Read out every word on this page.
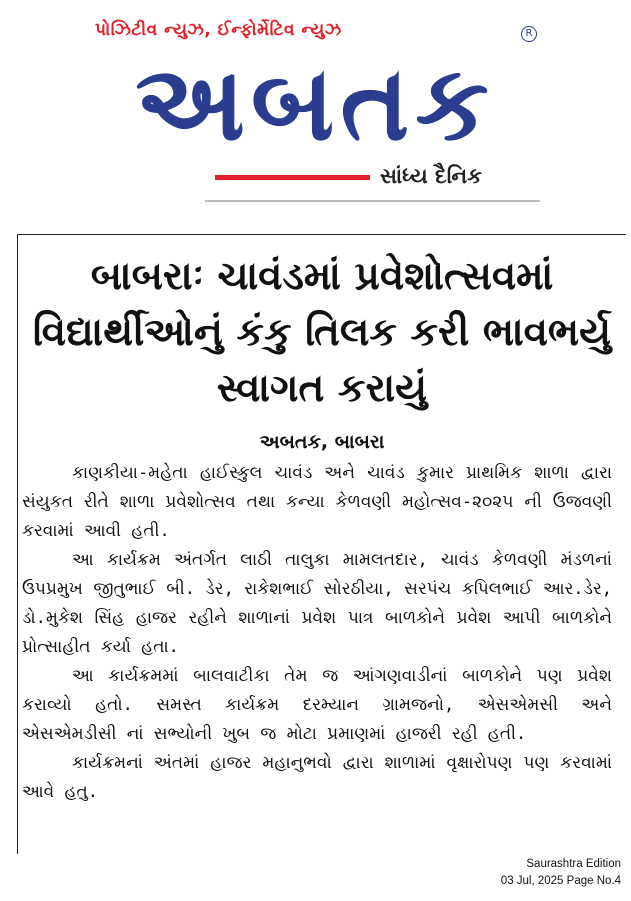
પોઝિટીવ ન્યુઝ, ઈન્ફોર્મેટિવ ન્યુઝ	R
અબતક
સાંધ્ય દૈનિક
બાબરાઃ ચાવંડમાં પ્રવેશોત્સવમાં વિદ્યાર્થીઓનું કંકુ તિલક કરી ભાવભર્યુ સ્વાગત કરાયું
અબતક, બાબરા

કાણકીયા-મહેતા હાઈસ્કુલ ચાવંડ અને ચાવંડ કુમાર પ્રાથમિક શાળા દ્વારા સંયુકત રીતે શાળા પ્રવેશોત્સવ તથા કન્યા કેળવણી મહોત્સવ-૨૦૨૫ ની ઉજવણી કરવામાં આવી હતી.

આ કાર્યક્રમ અંતર્ગત લાઠી તાલુકા મામલતદાર, ચાવંડ કેળવણી મંડળનાં ઉપપ્રમુખ જીતુભાઈ બી. ડેર, રાકેશભાઈ સોરઠીયા, સરપંચ કપિલભાઈ આર.ડેર, ડો.મુકેશ સિંહ હાજર રહીને શાળાનાં પ્રવેશ પાત્ર બાળકોને પ્રવેશ આપી બાળકોને પ્રોત્સાહીત કર્યા હતા.

આ કાર્યક્રમમાં બાલવાટીકા તેમ જ આંગણવાડીનાં બાળકોને પણ પ્રવેશ કરાવ્યો હતો. સમસ્ત કાર્યક્રમ દરમ્યાન ગ્રામજનો, એસએમસી અને એસએમડીસી નાં સભ્યોની ખુબ જ મોટા પ્રમાણમાં હાજરી રહી હતી.

કાર્યક્રમનાં અંતમાં હાજર મહાનુભવો દ્વારા શાળામાં વૃક્ષારોપણ પણ કરવામાં આવે હતુ.

Saurashtra Edition
03 Jul, 2025 Page No.4
